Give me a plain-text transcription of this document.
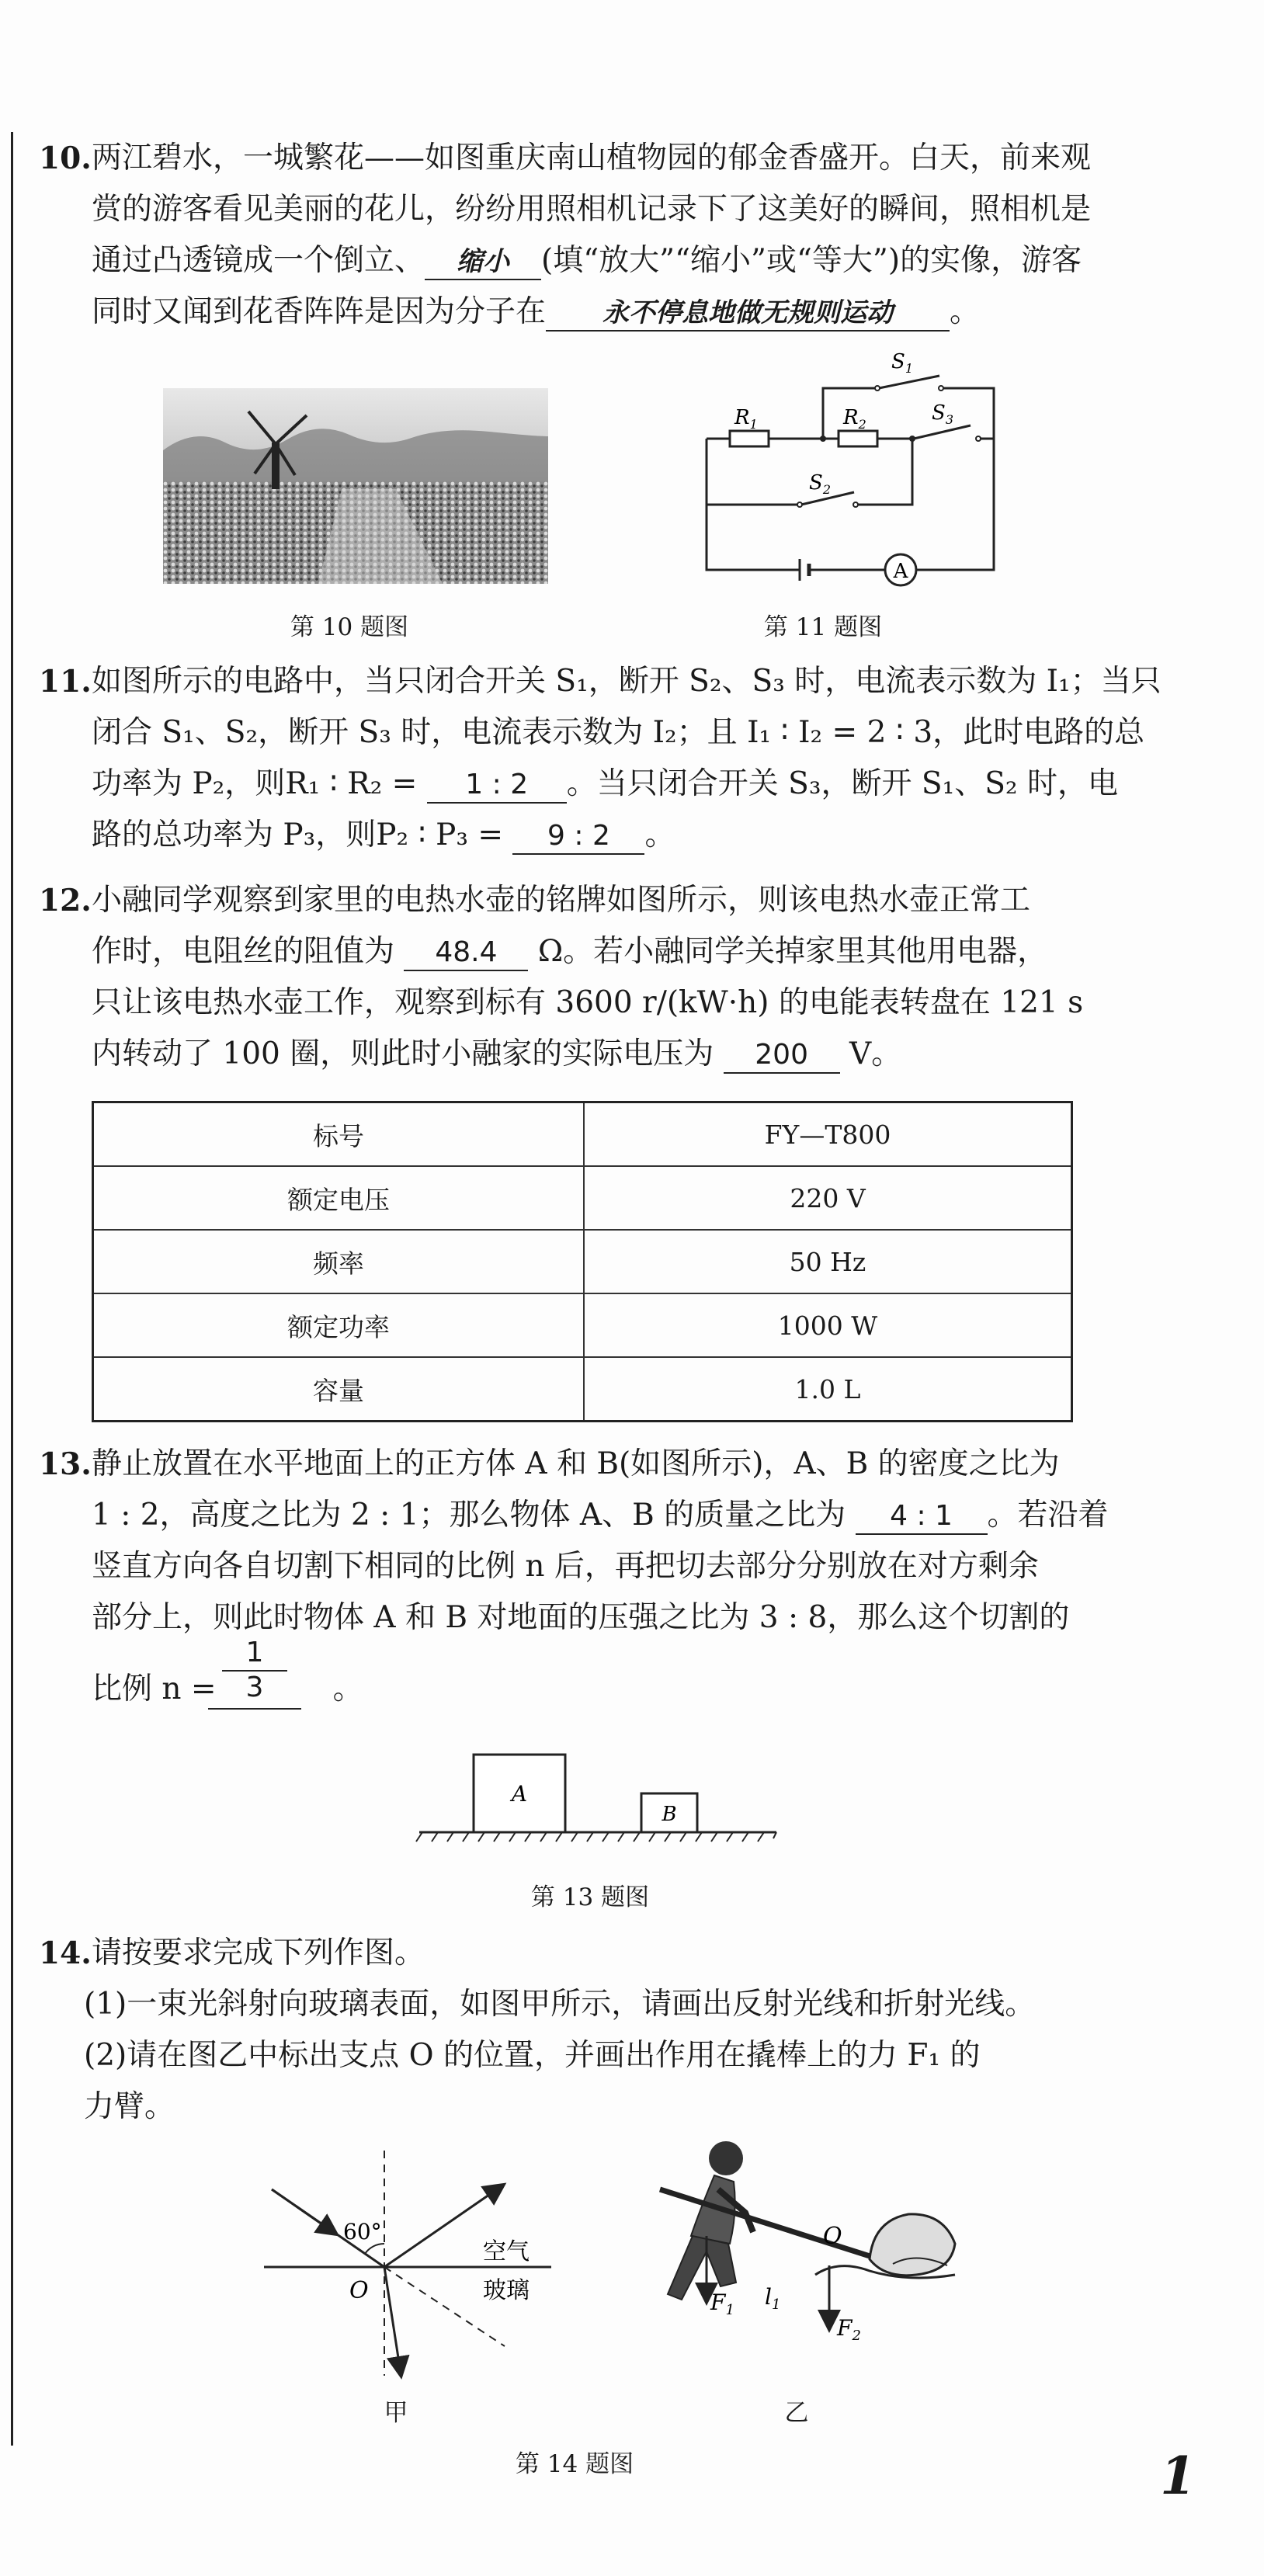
10. 两江碧水，一城繁花——如图重庆南山植物园的郁金香盛开。白天，前来观
赏的游客看见美丽的花儿，纷纷用照相机记录下了这美好的瞬间，照相机是
通过凸透镜成一个倒立、 缩小 (填“放大”“缩小”或“等大”)的实像，游客
同时又闻到花香阵阵是因为分子在 永不停息地做无规则运动 。
第 10 题图
A
$S_1$
$R_1$	$R_2$	$S_3$
$S_2$
第 11 题图
11. 如图所示的电路中，当只闭合开关 S₁，断开 S₂、S₃ 时，电流表示数为 I₁；当只
闭合 S₁、S₂，断开 S₃ 时，电流表示数为 I₂；且 I₁ ∶ I₂ = 2 ∶ 3，此时电路的总
功率为 P₂，则R₁ ∶ R₂ = 1 : 2 。当只闭合开关 S₃，断开 S₁、S₂ 时，电
路的总功率为 P₃，则P₂ ∶ P₃ = 9 : 2 。
12. 小融同学观察到家里的电热水壶的铭牌如图所示，则该电热水壶正常工
作时，电阻丝的阻值为 48.4 Ω。若小融同学关掉家里其他用电器，
只让该电热水壶工作，观察到标有 3600 r/(kW·h) 的电能表转盘在 121 s
内转动了 100 圈，则此时小融家的实际电压为 200 V。
标号	FY—T800
额定电压	220 V
频率	50 Hz
额定功率	1000 W
容量	1.0 L
13. 静止放置在水平地面上的正方体 A 和 B(如图所示)，A、B 的密度之比为
1 : 2，高度之比为 2 : 1；那么物体 A、B 的质量之比为 4 : 1 。若沿着
竖直方向各自切割下相同的比例 n 后，再把切去部分分别放在对方剩余
部分上，则此时物体 A 和 B 对地面的压强之比为 3 : 8，那么这个切割的
比例 n =	。
1
3
A
B
第 13 题图
14. 请按要求完成下列作图。
(1)一束光斜射向玻璃表面，如图甲所示，请画出反射光线和折射光线。
(2)请在图乙中标出支点 O 的位置，并画出作用在撬棒上的力 F₁ 的
力臂。
60°
O
空气
玻璃
甲
O
$F_1$
$l_1$
$F_2$
乙
第 14 题图	1
